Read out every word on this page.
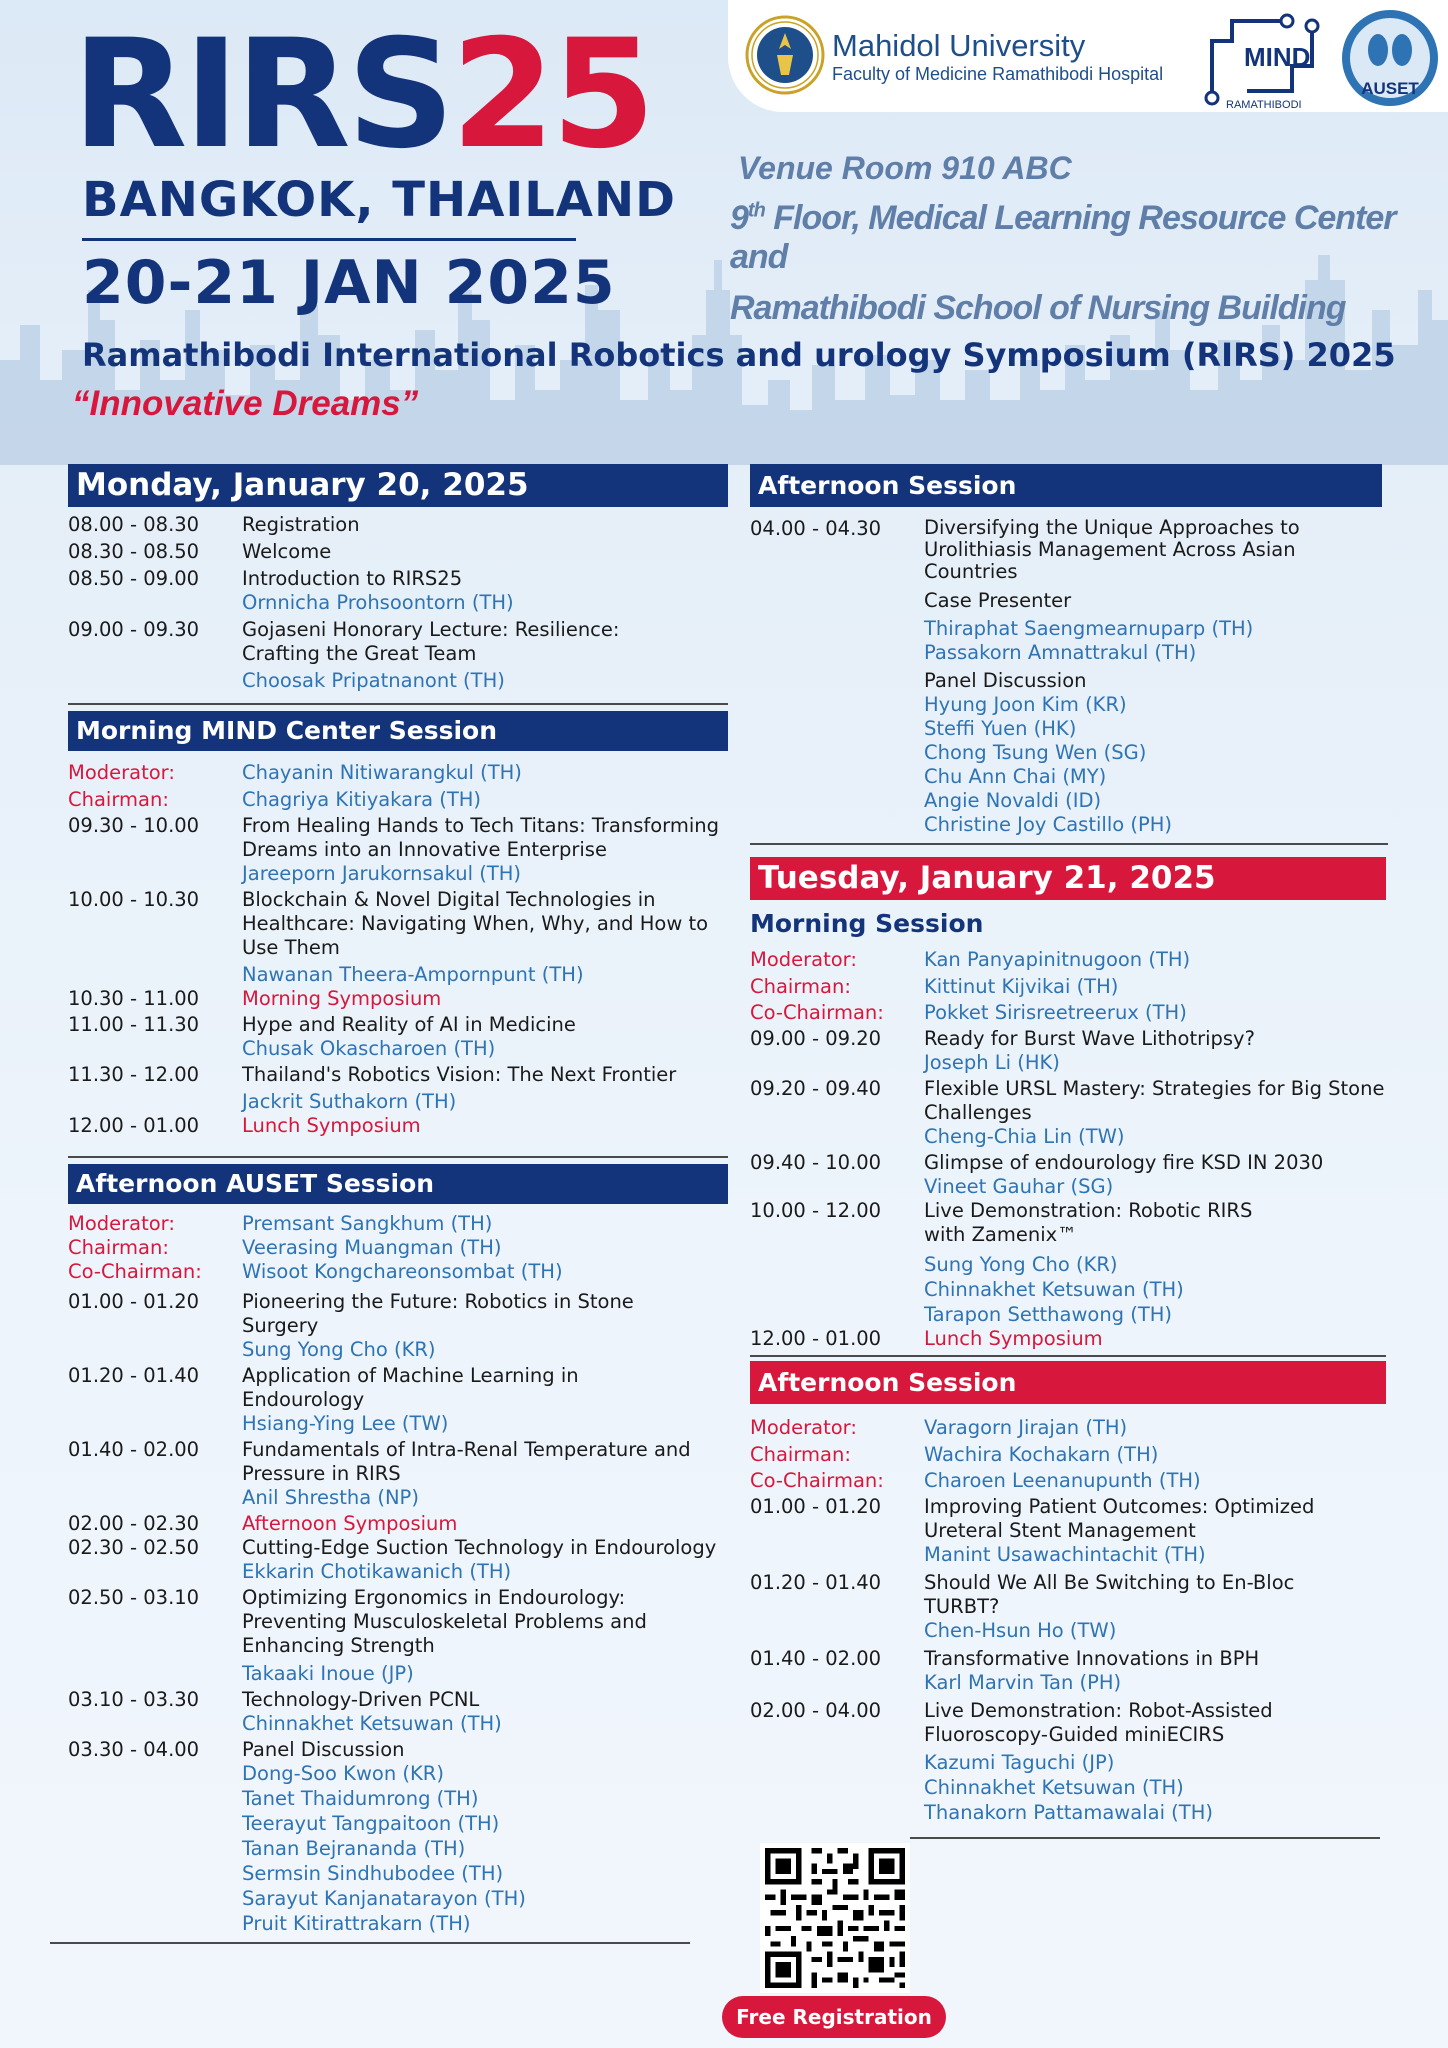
RIRS25
BANGKOK, THAILAND
20-21 JAN 2025
Venue Room 910 ABC
9th Floor, Medical Learning Resource Center and
Ramathibodi School of Nursing Building
Ramathibodi International Robotics and urology Symposium (RIRS) 2025
“Innovative Dreams”
Mahidol University
Faculty of Medicine Ramathibodi Hospital
MIND
RAMATHIBODI
AUSET
Monday, January 20, 2025
08.00 - 08.30	Registration
08.30 - 08.50	Welcome
08.50 - 09.00	Introduction to RIRS25
Ornnicha Prohsoontorn (TH)
09.00 - 09.30	Gojaseni Honorary Lecture: Resilience: Crafting the Great Team
Choosak Pripatnanont (TH)
Morning MIND Center Session
Moderator:	Chayanin Nitiwarangkul (TH)
Chairman:	Chagriya Kitiyakara (TH)
09.30 - 10.00	From Healing Hands to Tech Titans: Transforming Dreams into an Innovative Enterprise
Jareeporn Jarukornsakul (TH)
10.00 - 10.30	Blockchain & Novel Digital Technologies in Healthcare: Navigating When, Why, and How to Use Them
Nawanan Theera-Ampornpunt (TH)
10.30 - 11.00	Morning Symposium
11.00 - 11.30	Hype and Reality of AI in Medicine
Chusak Okascharoen (TH)
11.30 - 12.00	Thailand's Robotics Vision: The Next Frontier
Jackrit Suthakorn (TH)
12.00 - 01.00	Lunch Symposium
Afternoon AUSET Session
Moderator:	Premsant Sangkhum (TH)
Chairman:	Veerasing Muangman (TH)
Co-Chairman:	Wisoot Kongchareonsombat (TH)
01.00 - 01.20	Pioneering the Future: Robotics in Stone Surgery
Sung Yong Cho (KR)
01.20 - 01.40	Application of Machine Learning in Endourology
Hsiang-Ying Lee (TW)
01.40 - 02.00	Fundamentals of Intra-Renal Temperature and Pressure in RIRS
Anil Shrestha (NP)
02.00 - 02.30	Afternoon Symposium
02.30 - 02.50	Cutting-Edge Suction Technology in Endourology
Ekkarin Chotikawanich (TH)
02.50 - 03.10	Optimizing Ergonomics in Endourology: Preventing Musculoskeletal Problems and Enhancing Strength
Takaaki Inoue (JP)
03.10 - 03.30	Technology-Driven PCNL
Chinnakhet Ketsuwan (TH)
03.30 - 04.00	Panel Discussion
Dong-Soo Kwon (KR)
Tanet Thaidumrong (TH)
Teerayut Tangpaitoon (TH)
Tanan Bejrananda (TH)
Sermsin Sindhubodee (TH)
Sarayut Kanjanatarayon (TH)
Pruit Kitirattrakarn (TH)
Afternoon Session
04.00 - 04.30	Diversifying the Unique Approaches to Urolithiasis Management Across Asian Countries
Case Presenter
Thiraphat Saengmearnuparp (TH)
Passakorn Amnattrakul (TH)
Panel Discussion
Hyung Joon Kim (KR)
Steffi Yuen (HK)
Chong Tsung Wen (SG)
Chu Ann Chai (MY)
Angie Novaldi (ID)
Christine Joy Castillo (PH)
Tuesday, January 21, 2025
Morning Session
Moderator:	Kan Panyapinitnugoon (TH)
Chairman:	Kittinut Kijvikai (TH)
Co-Chairman:	Pokket Sirisreetreerux (TH)
09.00 - 09.20	Ready for Burst Wave Lithotripsy?
Joseph Li (HK)
09.20 - 09.40	Flexible URSL Mastery: Strategies for Big Stone Challenges
Cheng-Chia Lin (TW)
09.40 - 10.00	Glimpse of endourology fire KSD IN 2030
Vineet Gauhar (SG)
10.00 - 12.00	Live Demonstration: Robotic RIRS with Zamenix™
Sung Yong Cho (KR)
Chinnakhet Ketsuwan (TH)
Tarapon Setthawong (TH)
12.00 - 01.00	Lunch Symposium
Afternoon Session
Moderator:	Varagorn Jirajan (TH)
Chairman:	Wachira Kochakarn (TH)
Co-Chairman:	Charoen Leenanupunth (TH)
01.00 - 01.20	Improving Patient Outcomes: Optimized Ureteral Stent Management
Manint Usawachintachit (TH)
01.20 - 01.40	Should We All Be Switching to En-Bloc TURBT?
Chen-Hsun Ho (TW)
01.40 - 02.00	Transformative Innovations in BPH
Karl Marvin Tan (PH)
02.00 - 04.00	Live Demonstration: Robot-Assisted Fluoroscopy-Guided miniECIRS
Kazumi Taguchi (JP)
Chinnakhet Ketsuwan (TH)
Thanakorn Pattamawalai (TH)
Free Registration
